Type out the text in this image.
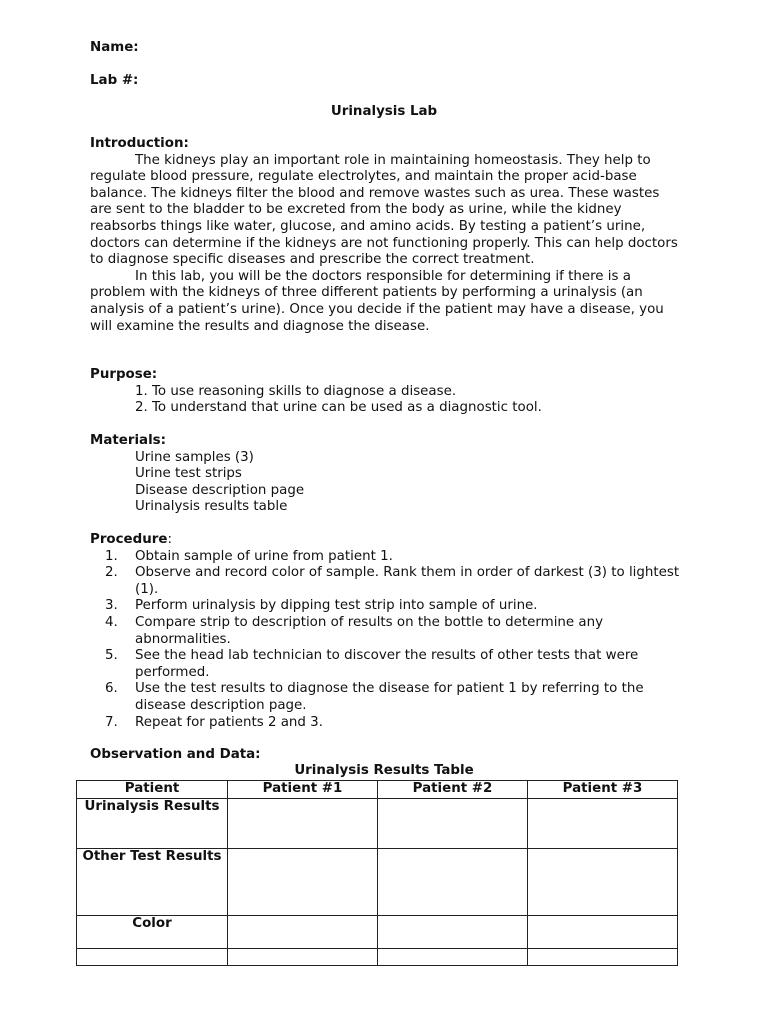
Name:
Lab #:
Urinalysis Lab
Introduction:

The kidneys play an important role in maintaining homeostasis. They help to regulate blood pressure, regulate electrolytes, and maintain the proper acid-base balance. The kidneys filter the blood and remove wastes such as urea. These wastes are sent to the bladder to be excreted from the body as urine, while the kidney reabsorbs things like water, glucose, and amino acids. By testing a patient’s urine, doctors can determine if the kidneys are not functioning properly. This can help doctors to diagnose specific diseases and prescribe the correct treatment.

In this lab, you will be the doctors responsible for determining if there is a problem with the kidneys of three different patients by performing a urinalysis (an analysis of a patient’s urine). Once you decide if the patient may have a disease, you will examine the results and diagnose the disease.

Purpose:
1. To use reasoning skills to diagnose a disease.
2. To understand that urine can be used as a diagnostic tool.
Materials:
Urine samples (3)
Urine test strips
Disease description page
Urinalysis results table
Procedure:
1.	Obtain sample of urine from patient 1.
2.	Observe and record color of sample. Rank them in order of darkest (3) to lightest (1).
3.	Perform urinalysis by dipping test strip into sample of urine.
4.	Compare strip to description of results on the bottle to determine any abnormalities.
5.	See the head lab technician to discover the results of other tests that were performed.
6.	Use the test results to diagnose the disease for patient 1 by referring to the disease description page.
7.	Repeat for patients 2 and 3.
Observation and Data:
Urinalysis Results Table
Patient	Patient #1	Patient #2	Patient #3
Urinalysis Results			
Other Test Results			
Color			
